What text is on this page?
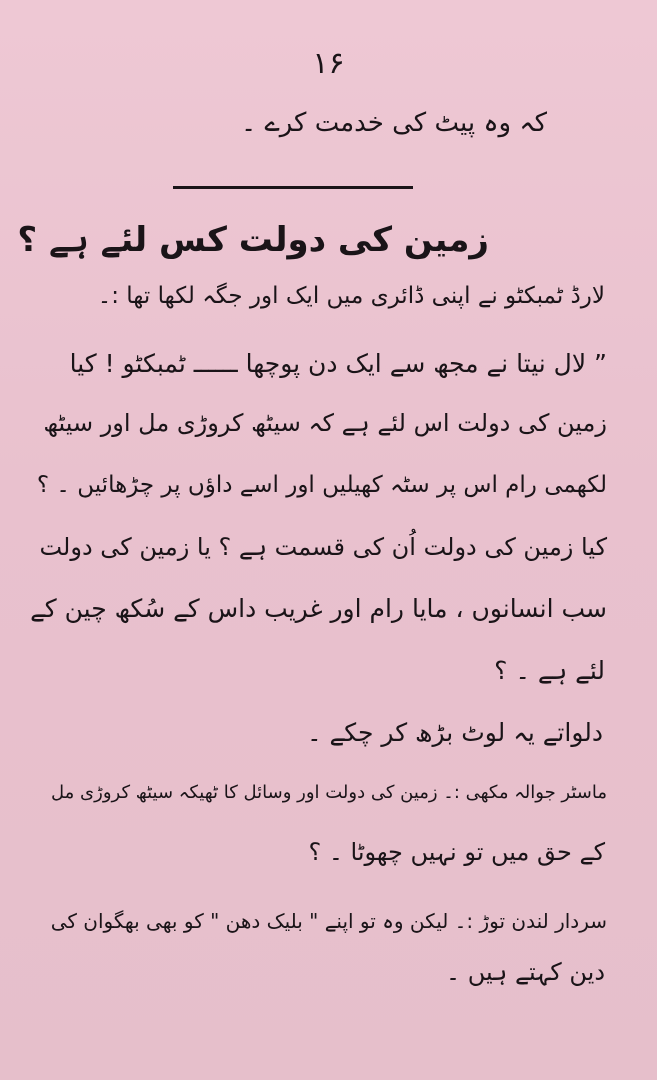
۱۶
کہ وہ پیٹ کی خدمت کرے ۔
زمین کی دولت کس لئے ہے ؟
لارڈ ٹمبکٹو نے اپنی ڈائری میں ایک اور جگہ لکھا تھا :۔
” لال نیتا نے مجھ سے ایک دن پوچھا ــــــ ٹمبکٹو ! کیا
زمین کی دولت اس لئے ہے کہ سیٹھ کروڑی مل اور سیٹھ
لکھمی رام اس پر سٹہ کھیلیں اور اسے داؤں پر چڑھائیں ۔ ؟
کیا زمین کی دولت اُن کی قسمت ہے ؟ یا زمین کی دولت
سب انسانوں ، مایا رام اور غریب داس کے سُکھ چین کے
لئے ہے ۔ ؟
دلواتے یہ لوٹ بڑھ کر چکے ۔
ماسٹر جوالہ مکھی :۔ زمین کی دولت اور وسائل کا ٹھیکہ سیٹھ کروڑی مل
کے حق میں تو نہیں چھوٹا ۔ ؟
سردار لندن توڑ :۔ لیکن وہ تو اپنے " بلیک دھن " کو بھی بھگوان کی
دین کہتے ہیں ۔
